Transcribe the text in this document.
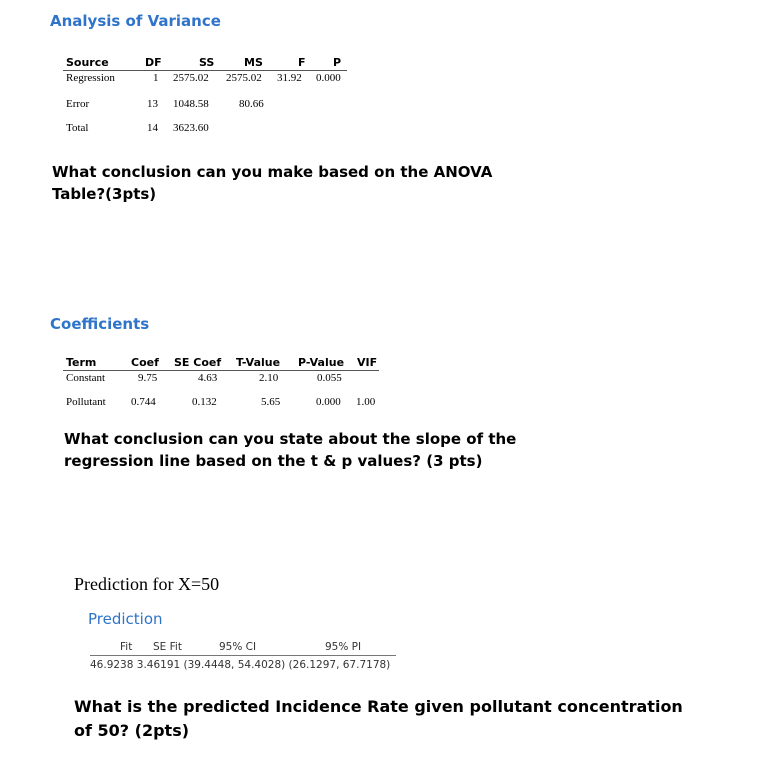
Analysis of Variance
Source	DF	SS	MS	F P
Regression	1 2575.02 2575.02 31.92 0.000
Error	13 1048.58	80.66
Total	14 3623.60
What conclusion can you make based on the ANOVA
Table?(3pts)
Coefficients
Term	Coef SE Coef T-Value P-Value VIF
Constant	9.75	4.63	2.10	0.055
Pollutant 0.744	0.132	5.65	0.000 1.00
What conclusion can you state about the slope of the
regression line based on the t & p values? (3 pts)
Prediction for X=50
Prediction
Fit SE Fit	95% CI	95% PI
46.9238 3.46191 (39.4448, 54.4028) (26.1297, 67.7178)
What is the predicted Incidence Rate given pollutant concentration
of 50? (2pts)
